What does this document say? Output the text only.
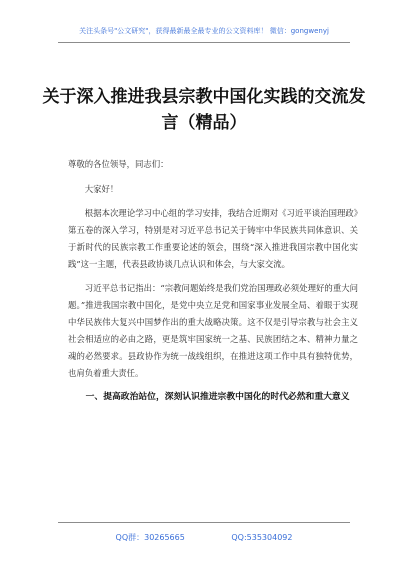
关注头条号"公文研究"，获得最新最全最专业的公文资料库！ 微信：gongwenyj
关于深入推进我县宗教中国化实践的交流发言（精品）

尊敬的各位领导，同志们：

大家好！

根据本次理论学习中心组的学习安排，我结合近期对《习近平谈治国理政》第五卷的深入学习，特别是对习近平总书记关于铸牢中华民族共同体意识、关于新时代的民族宗教工作重要论述的领会，围绕“深入推进我国宗教中国化实践”这一主题，代表县政协谈几点认识和体会，与大家交流。

习近平总书记指出：“宗教问题始终是我们党治国理政必须处理好的重大问题。”推进我国宗教中国化，是党中央立足党和国家事业发展全局、着眼于实现中华民族伟大复兴中国梦作出的重大战略决策。这不仅是引导宗教与社会主义社会相适应的必由之路，更是筑牢国家统一之基、民族团结之本、精神力量之魂的必然要求。县政协作为统一战线组织，在推进这项工作中具有独特优势，也肩负着重大责任。

一、提高政治站位，深刻认识推进宗教中国化的时代必然和重大意义

QQ群：30265665	QQ:535304092
